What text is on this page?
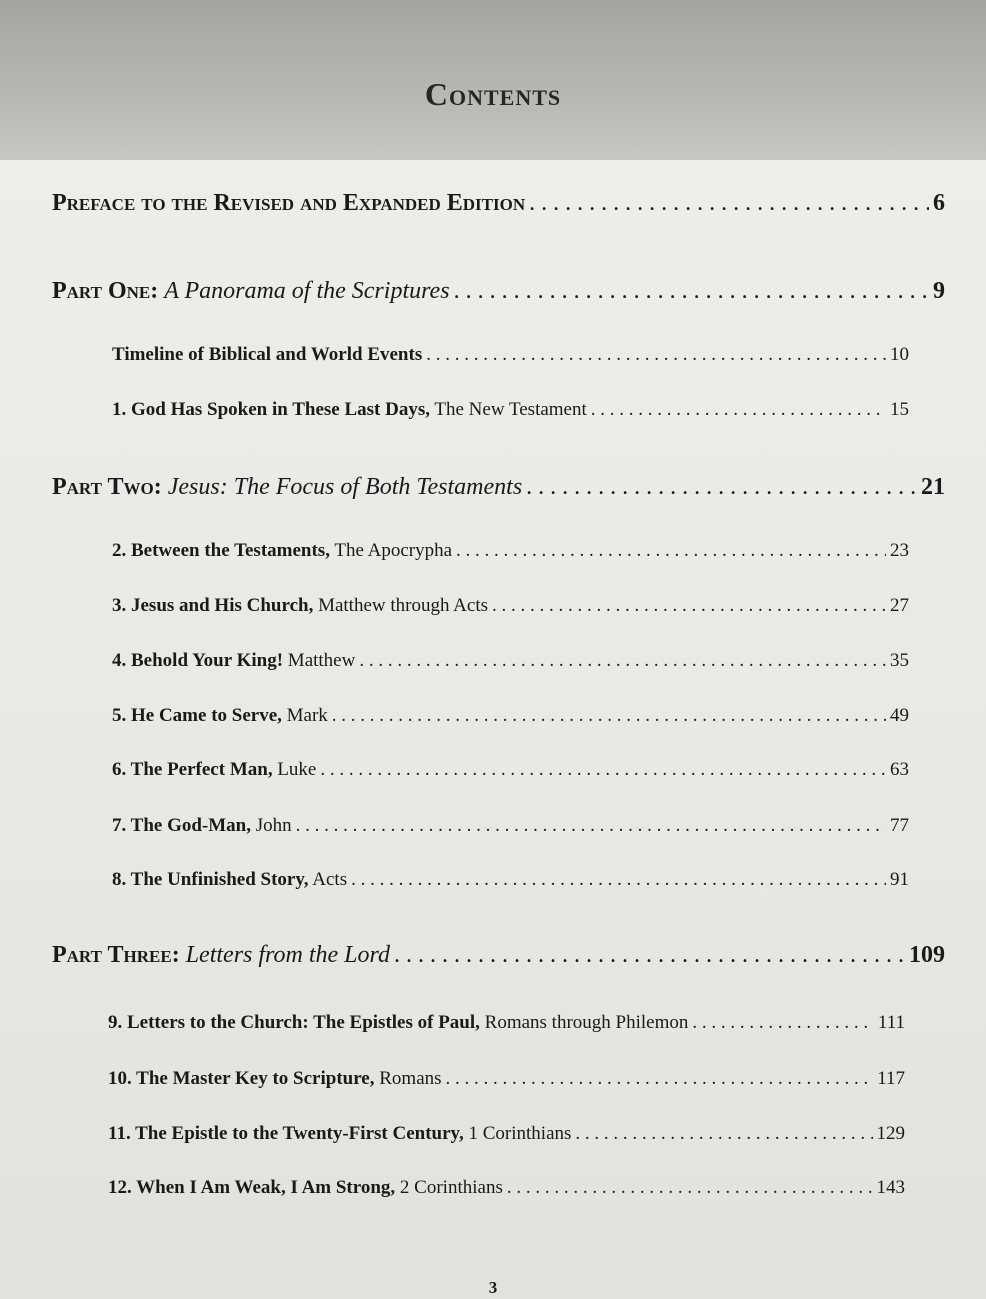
Contents
Preface to the Revised and Expanded Edition . . .	6
Part One: A Panorama of the Scriptures . . .	9
Timeline of Biblical and World Events . . .	10
1. God Has Spoken in These Last Days, The New Testament . . .	15
Part Two: Jesus: The Focus of Both Testaments . . .	21
2. Between the Testaments, The Apocrypha . . .	23
3. Jesus and His Church, Matthew through Acts . . .	27
4. Behold Your King! Matthew . . .	35
5. He Came to Serve, Mark . . .	49
6. The Perfect Man, Luke . . .	63
7. The God-Man, John . . .	77
8. The Unfinished Story, Acts . . .	91
Part Three: Letters from the Lord . . .	109
9. Letters to the Church: The Epistles of Paul, Romans through Philemon . . .	111
10. The Master Key to Scripture, Romans . . .	117
11. The Epistle to the Twenty-First Century, 1 Corinthians . . .	129
12. When I Am Weak, I Am Strong, 2 Corinthians . . .	143
3
